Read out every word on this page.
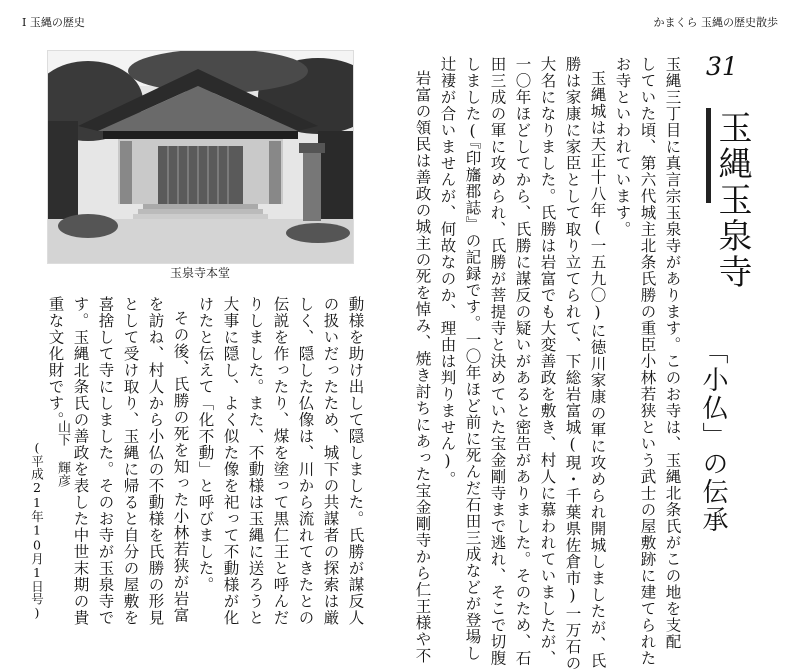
I 玉縄の歴史	かまくら 玉縄の歴史散歩
玉泉寺本堂
31
玉縄玉泉寺
「小仏」の伝承
玉縄三丁目に真言宗玉泉寺があります。このお寺は、玉縄北条氏がこの地を支配
していた頃、第六代城主北条氏勝の重臣小林若狭という武士の屋敷跡に建てられた
お寺といわれています。
玉縄城は天正十八年(一五九〇)に徳川家康の軍に攻められ開城しましたが、氏
勝は家康に家臣として取り立てられて、下総岩富城(現・千葉県佐倉市)一万石の
大名になりました。氏勝は岩富でも大変善政を敷き、村人に慕われていましたが、
一〇年ほどしてから、氏勝に謀反の疑いがあると密告がありました。そのため、石
田三成の軍に攻められ、氏勝が菩提寺と決めていた宝金剛寺まで逃れ、そこで切腹
しました(『印旛郡誌』の記録です。一〇年ほど前に死んだ石田三成などが登場し
辻褄が合いませんが、何故なのか、理由は判りません)。
岩富の領民は善政の城主の死を悼み、焼き討ちにあった宝金剛寺から仁王様や不
動様を助け出して隠しました。氏勝が謀反人
の扱いだったため、城下の共謀者の探索は厳
しく、隠した仏像は、川から流れてきたとの
伝説を作ったり、煤を塗って黒仁王と呼んだ
りしました。また、不動様は玉縄に送ろうと
大事に隠し、よく似た像を祀って不動様が化
けたと伝えて「化不動」と呼びました。
その後、氏勝の死を知った小林若狭が岩富
を訪ね、村人から小仏の不動様を氏勝の形見
として受け取り、玉縄に帰ると自分の屋敷を
喜捨して寺にしました。そのお寺が玉泉寺で
す。玉縄北条氏の善政を表した中世末期の貴
重な文化財です。
山下 輝彦
(平成21年10月1日号)
